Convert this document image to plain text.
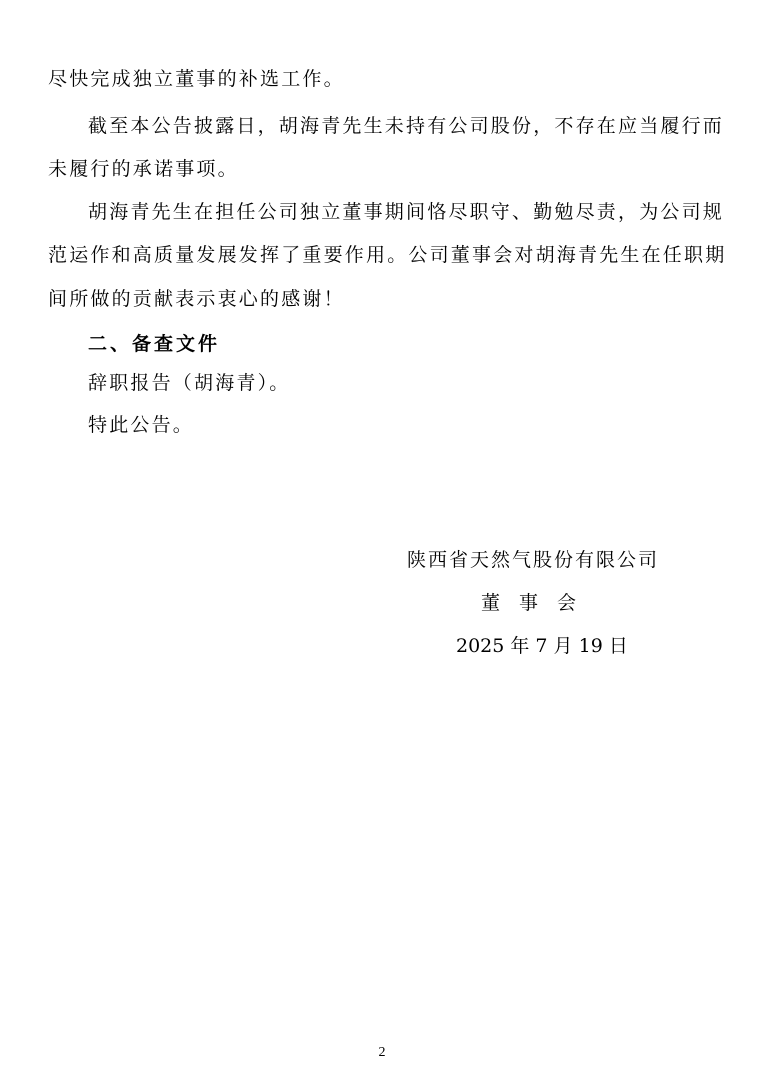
尽快完成独立董事的补选工作。
截至本公告披露日，胡海青先生未持有公司股份，不存在应当履行而
未履行的承诺事项。
胡海青先生在担任公司独立董事期间恪尽职守、勤勉尽责，为公司规
范运作和高质量发展发挥了重要作用。公司董事会对胡海青先生在任职期
间所做的贡献表示衷心的感谢！
二、备查文件
辞职报告（胡海青）。
特此公告。
陕西省天然气股份有限公司
董　事　会
2025 年 7 月 19 日
2
